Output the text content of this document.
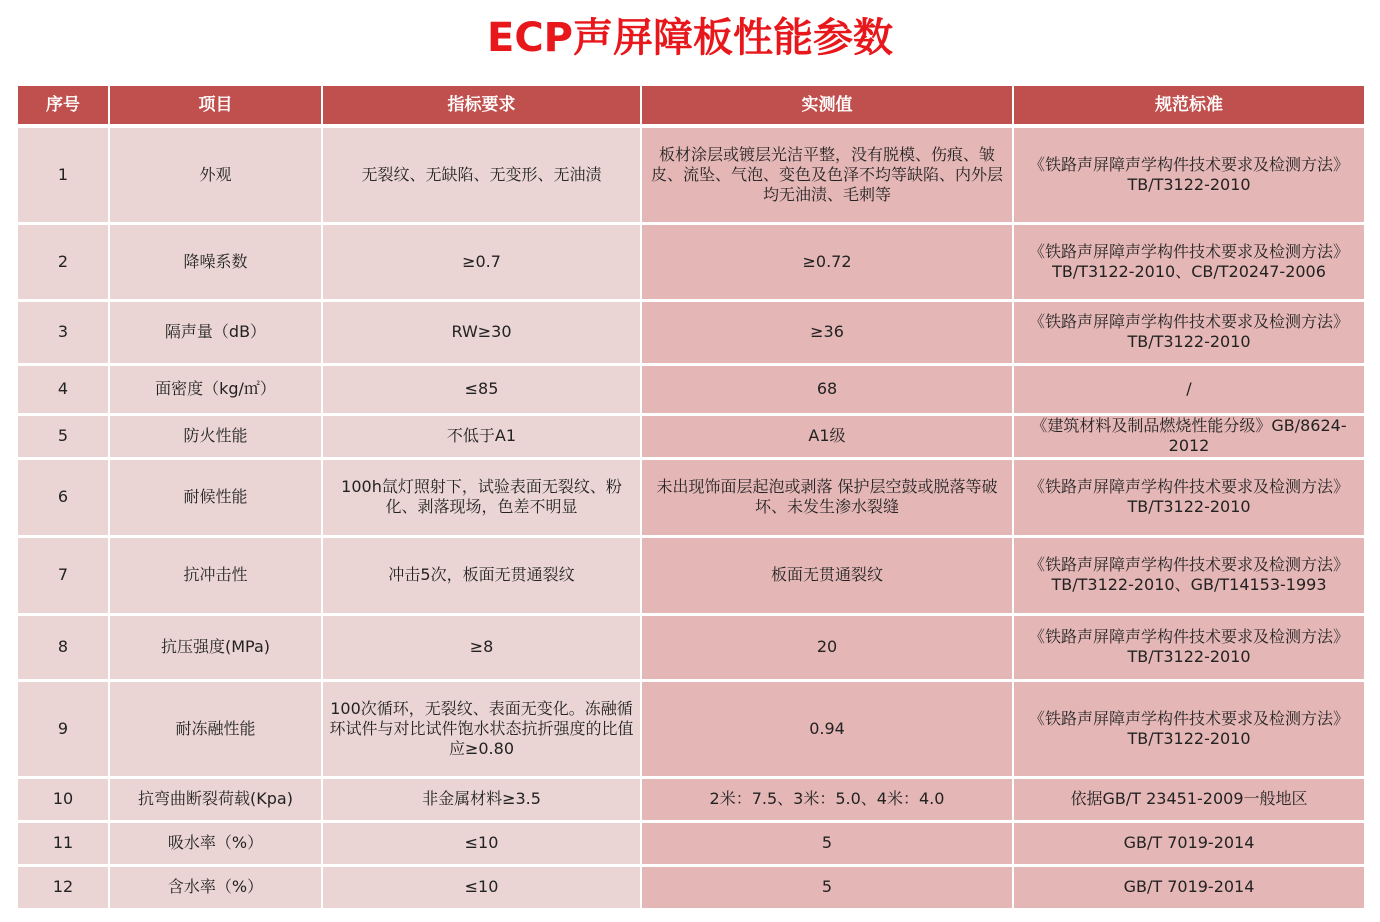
ECP声屏障板性能参数
序号	项目	指标要求	实测值	规范标准
1	外观	无裂纹、无缺陷、无变形、无油渍	板材涂层或镀层光洁平整，没有脱模、伤痕、皱皮、流坠、气泡、变色及色泽不均等缺陷、内外层均无油渍、毛刺等	《铁路声屏障声学构件技术要求及检测方法》TB/T3122-2010
2	降噪系数	≥0.7	≥0.72	《铁路声屏障声学构件技术要求及检测方法》TB/T3122-2010、CB/T20247-2006
3	隔声量（dB）	RW≥30	≥36	《铁路声屏障声学构件技术要求及检测方法》TB/T3122-2010
4	面密度（kg/㎡）	≤85	68	/
5	防火性能	不低于A1	A1级	《建筑材料及制品燃烧性能分级》GB/8624-2012
6	耐候性能	100h氙灯照射下，试验表面无裂纹、粉化、剥落现场，色差不明显	未出现饰面层起泡或剥落 保护层空鼓或脱落等破坏、未发生渗水裂缝	《铁路声屏障声学构件技术要求及检测方法》TB/T3122-2010
7	抗冲击性	冲击5次，板面无贯通裂纹	板面无贯通裂纹	《铁路声屏障声学构件技术要求及检测方法》TB/T3122-2010、GB/T14153-1993
8	抗压强度(MPa)	≥8	20	《铁路声屏障声学构件技术要求及检测方法》TB/T3122-2010
9	耐冻融性能	100次循环，无裂纹、表面无变化。冻融循环试件与对比试件饱水状态抗折强度的比值应≥0.80	0.94	《铁路声屏障声学构件技术要求及检测方法》TB/T3122-2010
10	抗弯曲断裂荷载(Kpa)	非金属材料≥3.5	2米：7.5、3米：5.0、4米：4.0	依据GB/T 23451-2009一般地区
11	吸水率（%）	≤10	5	GB/T 7019-2014
12	含水率（%）	≤10	5	GB/T 7019-2014
